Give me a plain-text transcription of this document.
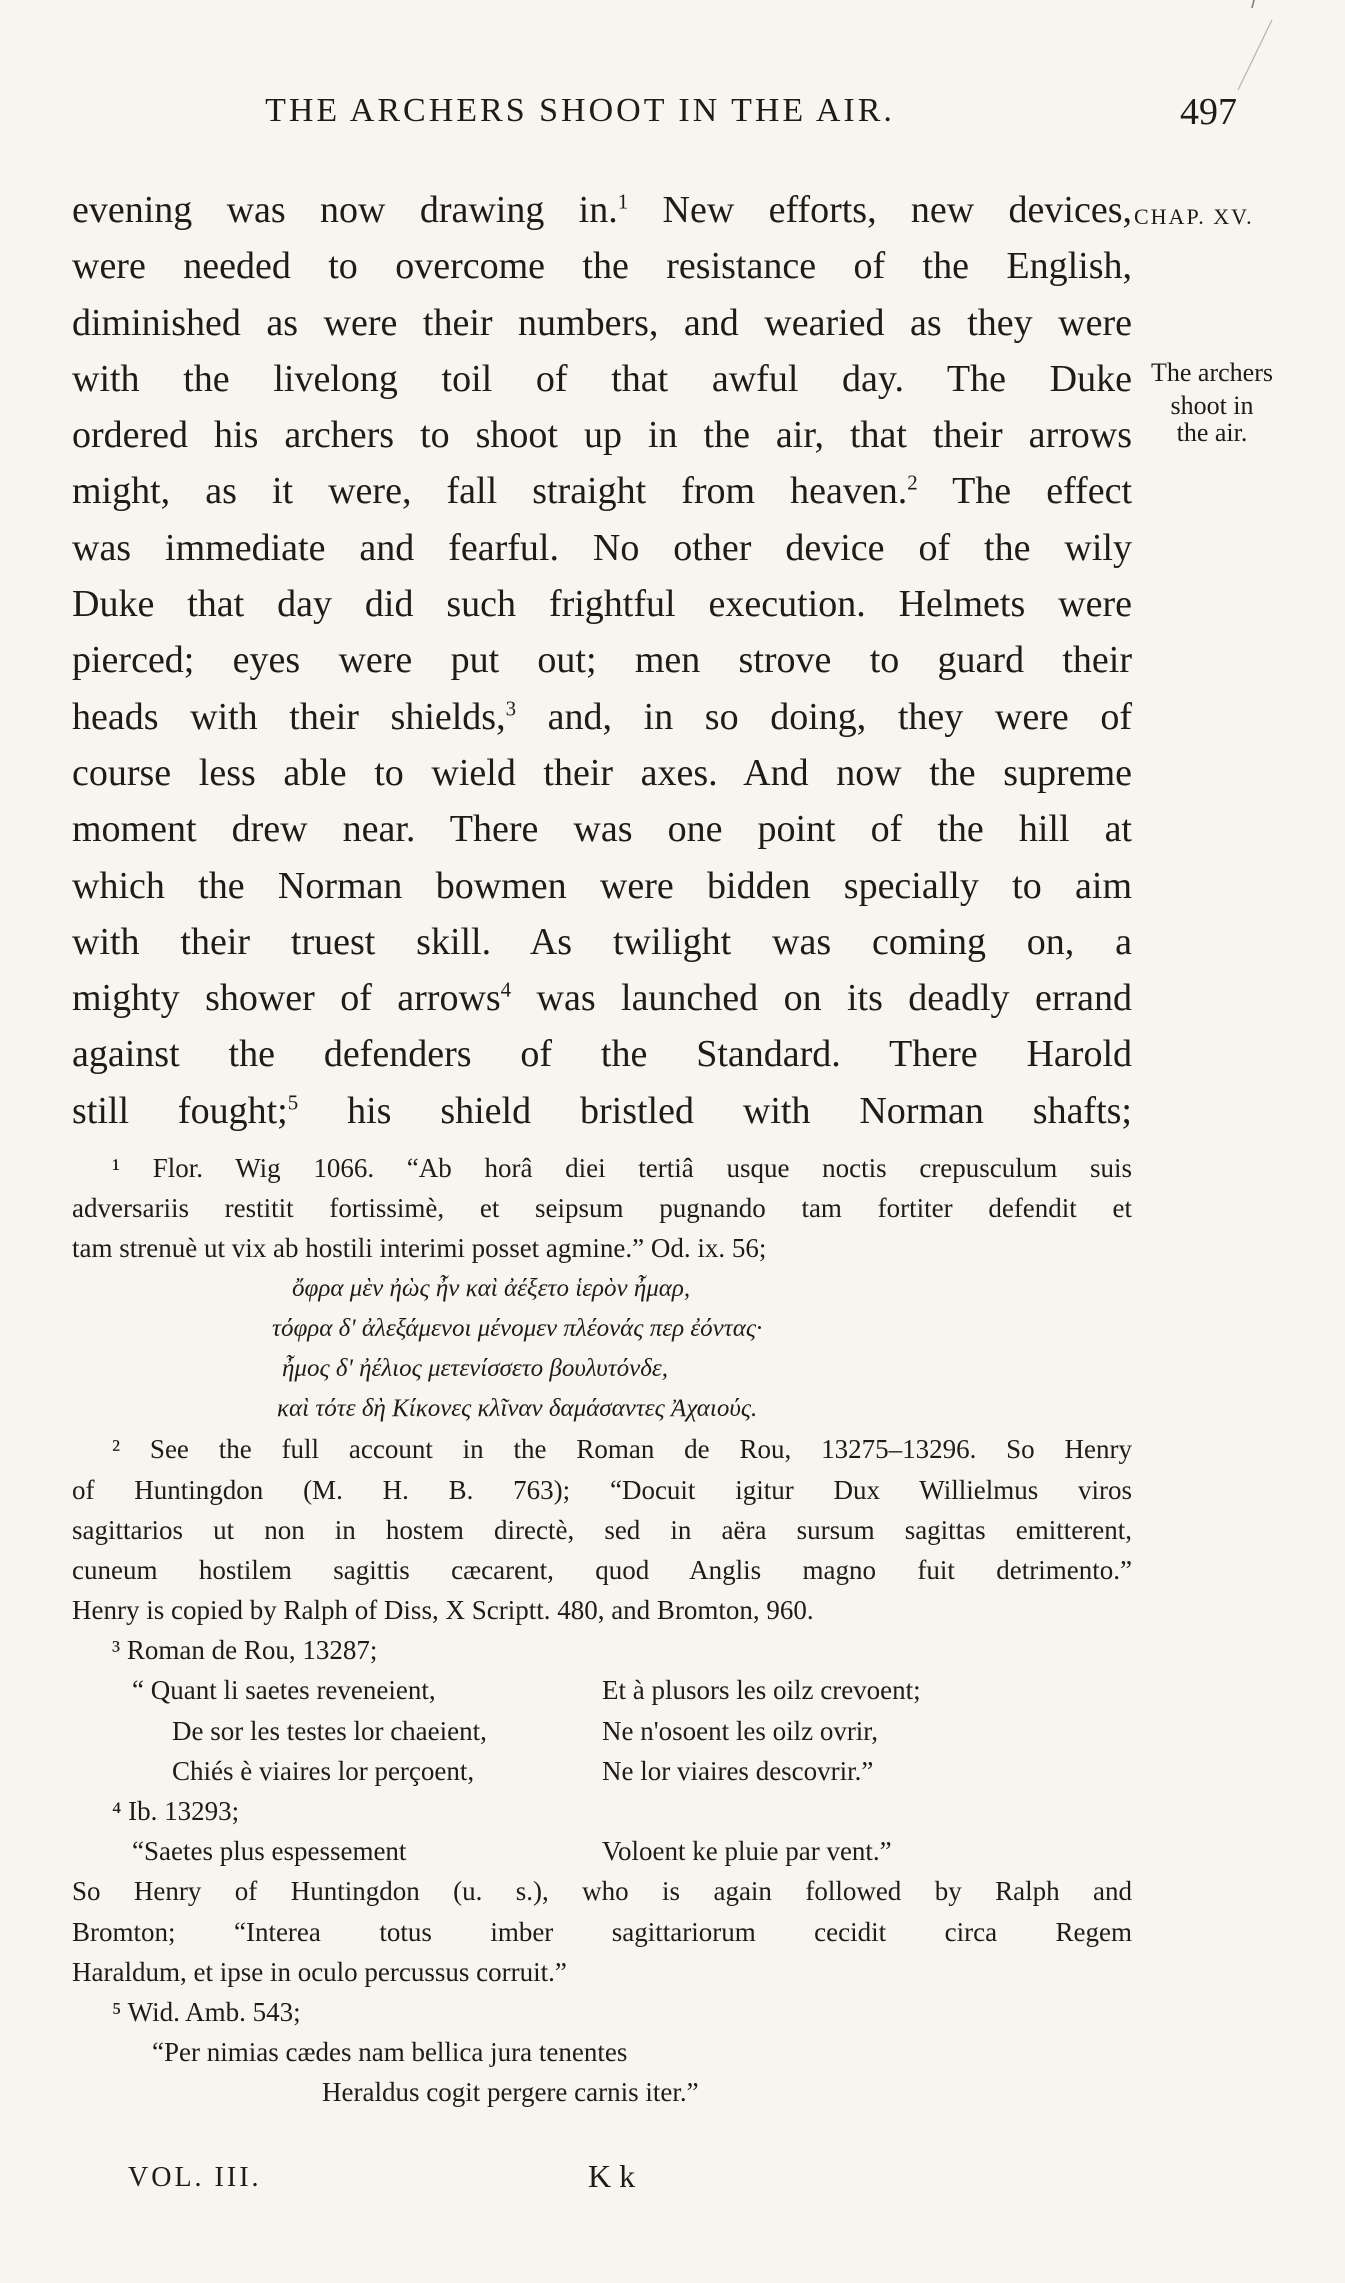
THE ARCHERS SHOOT IN THE AIR.	497
CHAP. XV.
The archers
shoot in
the air.
evening was now drawing in.$^1$ New efforts, new devices,
were needed to overcome the resistance of the English,
diminished as were their numbers, and wearied as they were
with the livelong toil of that awful day. The Duke
ordered his archers to shoot up in the air, that their arrows
might, as it were, fall straight from heaven.$^2$ The effect
was immediate and fearful. No other device of the wily
Duke that day did such frightful execution. Helmets were
pierced; eyes were put out; men strove to guard their
heads with their shields,$^3$ and, in so doing, they were of
course less able to wield their axes. And now the supreme
moment drew near. There was one point of the hill at
which the Norman bowmen were bidden specially to aim
with their truest skill. As twilight was coming on, a
mighty shower of arrows$^4$ was launched on its deadly errand
against the defenders of the Standard. There Harold
still fought;$^5$ his shield bristled with Norman shafts;
¹ Flor. Wig 1066. “Ab horâ diei tertiâ usque noctis crepusculum suis
adversariis restitit fortissimè, et seipsum pugnando tam fortiter defendit et
tam strenuè ut vix ab hostili interimi posset agmine.” Od. ix. 56;
ὄφρα μὲν ἠὼς ἦν καὶ ἀέξετο ἱερὸν ἦμαρ,
τόφρα δ' ἀλεξάμενοι μένομεν πλέονάς περ ἐόντας·
ἦμος δ' ἠέλιος μετενίσσετο βουλυτόνδε,
καὶ τότε δὴ Κίκονες κλῖναν δαμάσαντες Ἀχαιούς.
² See the full account in the Roman de Rou, 13275–13296. So Henry
of Huntingdon (M. H. B. 763); “Docuit igitur Dux Willielmus viros
sagittarios ut non in hostem directè, sed in aëra sursum sagittas emitterent,
cuneum hostilem sagittis cæcarent, quod Anglis magno fuit detrimento.”
Henry is copied by Ralph of Diss, X Scriptt. 480, and Bromton, 960.
³ Roman de Rou, 13287;
“ Quant li saetes reveneient,	Et à plusors les oilz crevoent;
De sor les testes lor chaeient,	Ne n'osoent les oilz ovrir,
Chiés è viaires lor perçoent,	Ne lor viaires descovrir.”
⁴ Ib. 13293;
“Saetes plus espessement	Voloent ke pluie par vent.”
So Henry of Huntingdon (u. s.), who is again followed by Ralph and
Bromton; “Interea totus imber sagittariorum cecidit circa Regem
Haraldum, et ipse in oculo percussus corruit.”
⁵ Wid. Amb. 543;
“Per nimias cædes nam bellica jura tenentes
Heraldus cogit pergere carnis iter.”
VOL. III.	K k
